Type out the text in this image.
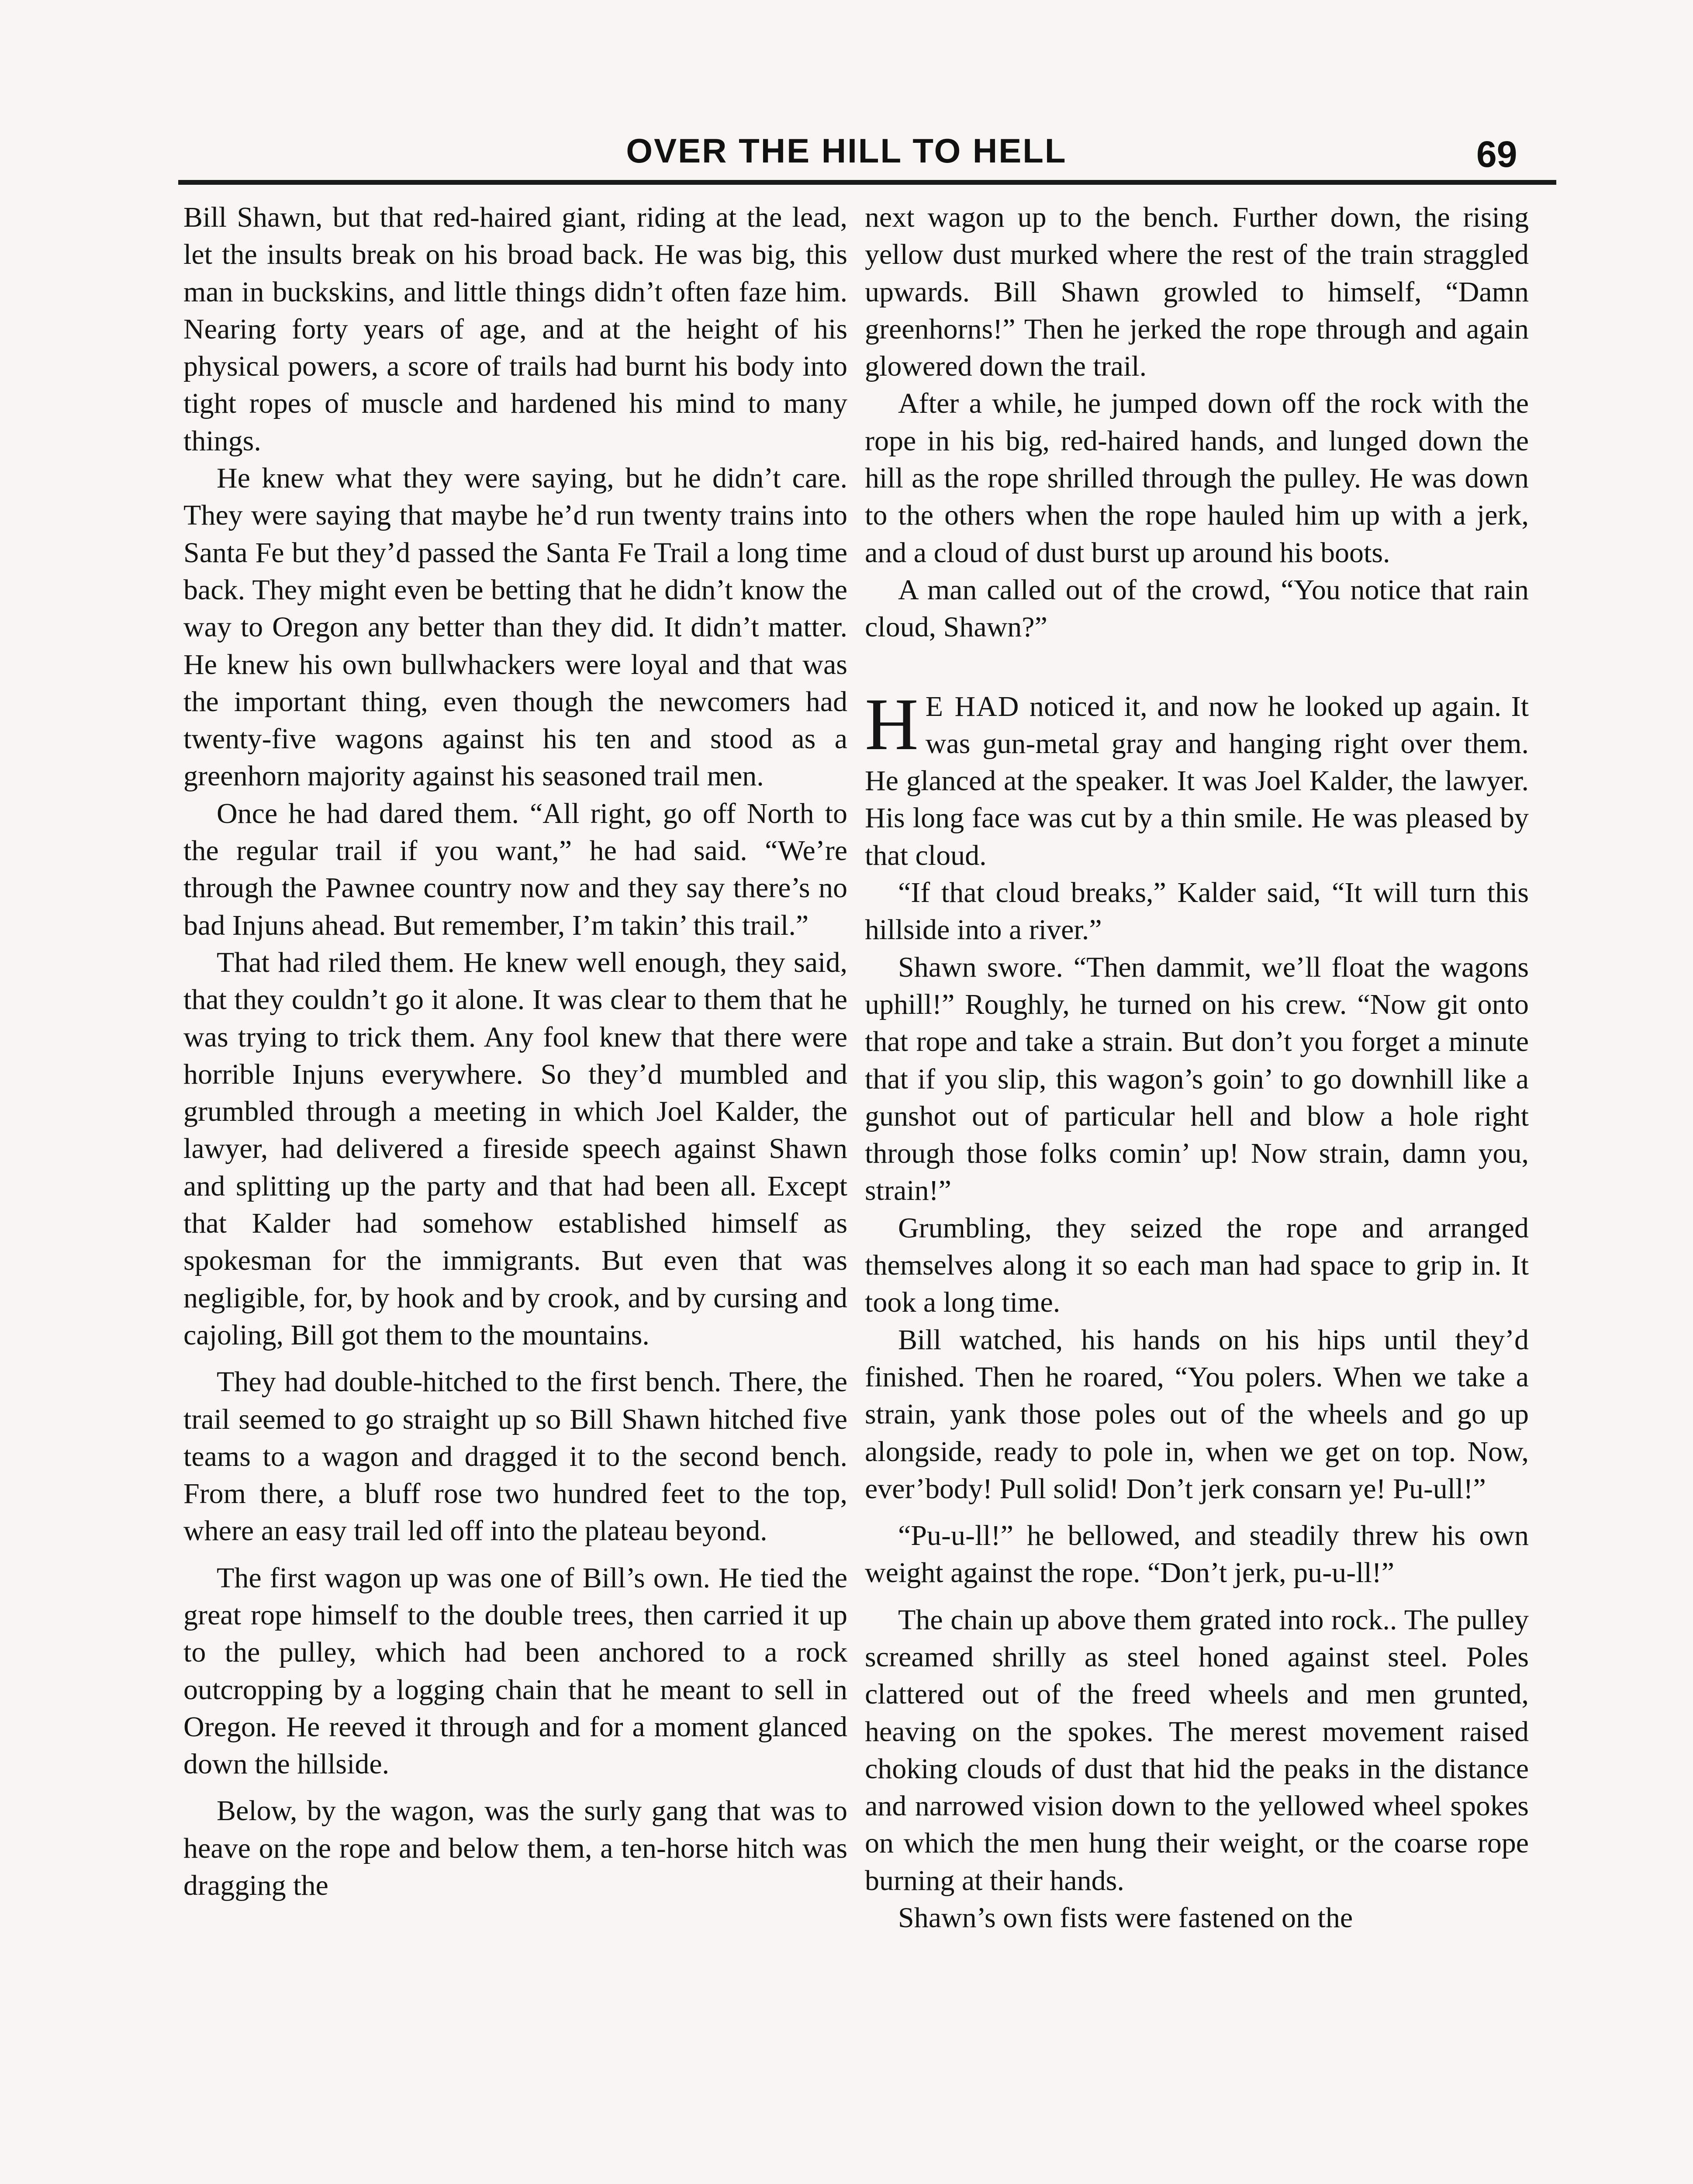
OVER THE HILL TO HELL	69

Bill Shawn, but that red-haired giant, riding at the lead, let the insults break on his broad back. He was big, this man in buckskins, and little things didn’t often faze him. Nearing forty years of age, and at the height of his physical powers, a score of trails had burnt his body into tight ropes of muscle and hardened his mind to many things.

He knew what they were saying, but he didn’t care. They were saying that maybe he’d run twenty trains into Santa Fe but they’d passed the Santa Fe Trail a long time back. They might even be betting that he didn’t know the way to Oregon any better than they did. It didn’t matter. He knew his own bullwhackers were loyal and that was the important thing, even though the newcomers had twenty-five wagons against his ten and stood as a greenhorn majority against his seasoned trail men.

Once he had dared them. “All right, go off North to the regular trail if you want,” he had said. “We’re through the Pawnee country now and they say there’s no bad Injuns ahead. But remember, I’m takin’ this trail.”

That had riled them. He knew well enough, they said, that they couldn’t go it alone. It was clear to them that he was trying to trick them. Any fool knew that there were horrible Injuns everywhere. So they’d mumbled and grumbled through a meeting in which Joel Kalder, the lawyer, had delivered a fireside speech against Shawn and splitting up the party and that had been all. Except that Kalder had somehow established himself as spokesman for the immigrants. But even that was negligible, for, by hook and by crook, and by cursing and cajoling, Bill got them to the mountains.

They had double-hitched to the first bench. There, the trail seemed to go straight up so Bill Shawn hitched five teams to a wagon and dragged it to the second bench. From there, a bluff rose two hundred feet to the top, where an easy trail led off into the plateau beyond.

The first wagon up was one of Bill’s own. He tied the great rope himself to the double trees, then carried it up to the pulley, which had been anchored to a rock outcropping by a logging chain that he meant to sell in Oregon. He reeved it through and for a moment glanced down the hillside.

Below, by the wagon, was the surly gang that was to heave on the rope and below them, a ten-horse hitch was dragging the

next wagon up to the bench. Further down, the rising yellow dust murked where the rest of the train straggled upwards. Bill Shawn growled to himself, “Damn greenhorns!” Then he jerked the rope through and again glowered down the trail.

After a while, he jumped down off the rock with the rope in his big, red-haired hands, and lunged down the hill as the rope shrilled through the pulley. He was down to the others when the rope hauled him up with a jerk, and a cloud of dust burst up around his boots.

A man called out of the crowd, “You notice that rain cloud, Shawn?”

H E HAD noticed it, and now he looked up again. It was gun-metal gray and hanging right over them. He glanced at the speaker. It was Joel Kalder, the lawyer. His long face was cut by a thin smile. He was pleased by that cloud.

“If that cloud breaks,” Kalder said, “It will turn this hillside into a river.”

Shawn swore. “Then dammit, we’ll float the wagons uphill!” Roughly, he turned on his crew. “Now git onto that rope and take a strain. But don’t you forget a minute that if you slip, this wagon’s goin’ to go downhill like a gunshot out of particular hell and blow a hole right through those folks comin’ up! Now strain, damn you, strain!”

Grumbling, they seized the rope and arranged themselves along it so each man had space to grip in. It took a long time.

Bill watched, his hands on his hips until they’d finished. Then he roared, “You polers. When we take a strain, yank those poles out of the wheels and go up alongside, ready to pole in, when we get on top. Now, ever’body! Pull solid! Don’t jerk consarn ye! Pu-ull!”

“Pu-u-ll!” he bellowed, and steadily threw his own weight against the rope. “Don’t jerk, pu-u-ll!”

The chain up above them grated into rock.. The pulley screamed shrilly as steel honed against steel. Poles clattered out of the freed wheels and men grunted, heaving on the spokes. The merest movement raised choking clouds of dust that hid the peaks in the distance and narrowed vision down to the yellowed wheel spokes on which the men hung their weight, or the coarse rope burning at their hands.

Shawn’s own fists were fastened on the
